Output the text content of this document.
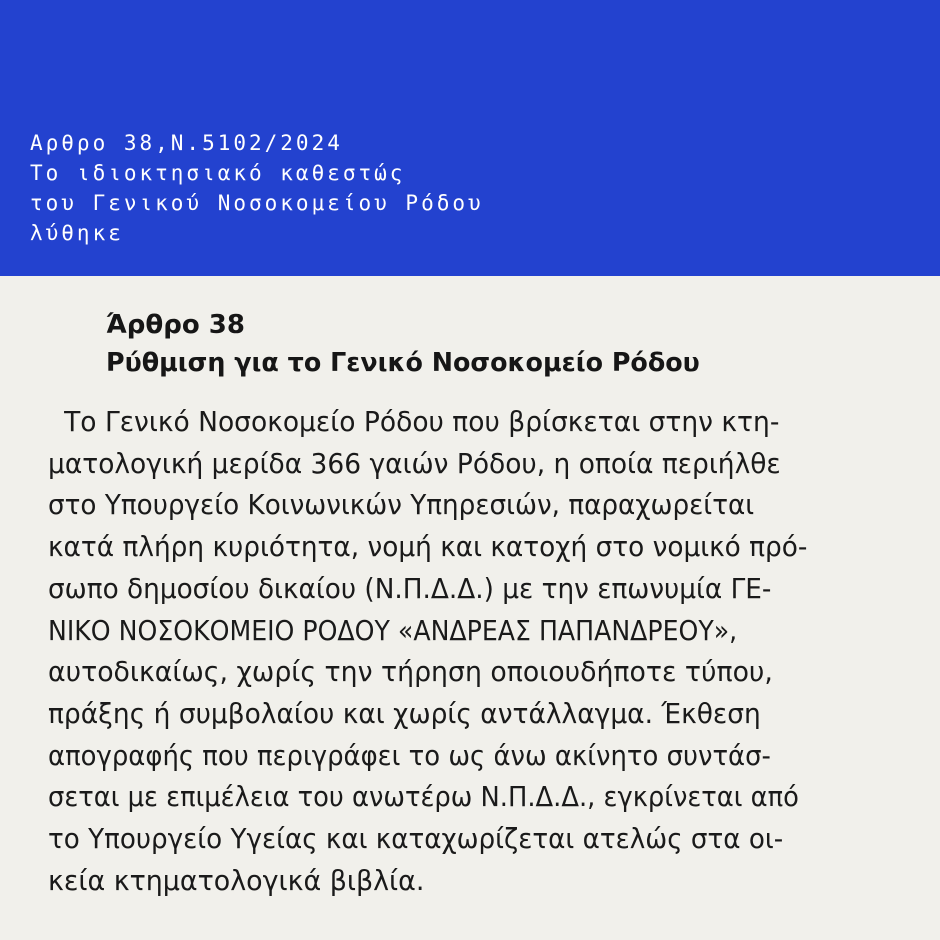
Αρθρο 38,Ν.5102/2024
Το ιδιοκτησιακό καθεστώς
του Γενικού Νοσοκομείου Ρόδου
λύθηκε

Άρθρο 38
Ρύθμιση για το Γενικό Νοσοκομείο Ρόδου

Το Γενικό Νοσοκομείο Ρόδου που βρίσκεται στην κτη-
ματολογική μερίδα 366 γαιών Ρόδου, η οποία περιήλθε
στο Υπουργείο Κοινωνικών Υπηρεσιών, παραχωρείται
κατά πλήρη κυριότητα, νομή και κατοχή στο νομικό πρό-
σωπο δημοσίου δικαίου (Ν.Π.Δ.Δ.) με την επωνυμία ΓΕ-
ΝΙΚΟ ΝΟΣΟΚΟΜΕΙΟ ΡΟΔΟΥ «ΑΝΔΡΕΑΣ ΠΑΠΑΝΔΡΕΟΥ»,
αυτοδικαίως, χωρίς την τήρηση οποιουδήποτε τύπου,
πράξης ή συμβολαίου και χωρίς αντάλλαγμα. Έκθεση
απογραφής που περιγράφει το ως άνω ακίνητο συντάσ-
σεται με επιμέλεια του ανωτέρω Ν.Π.Δ.Δ., εγκρίνεται από
το Υπουργείο Υγείας και καταχωρίζεται ατελώς στα οι-
κεία κτηματολογικά βιβλία.
